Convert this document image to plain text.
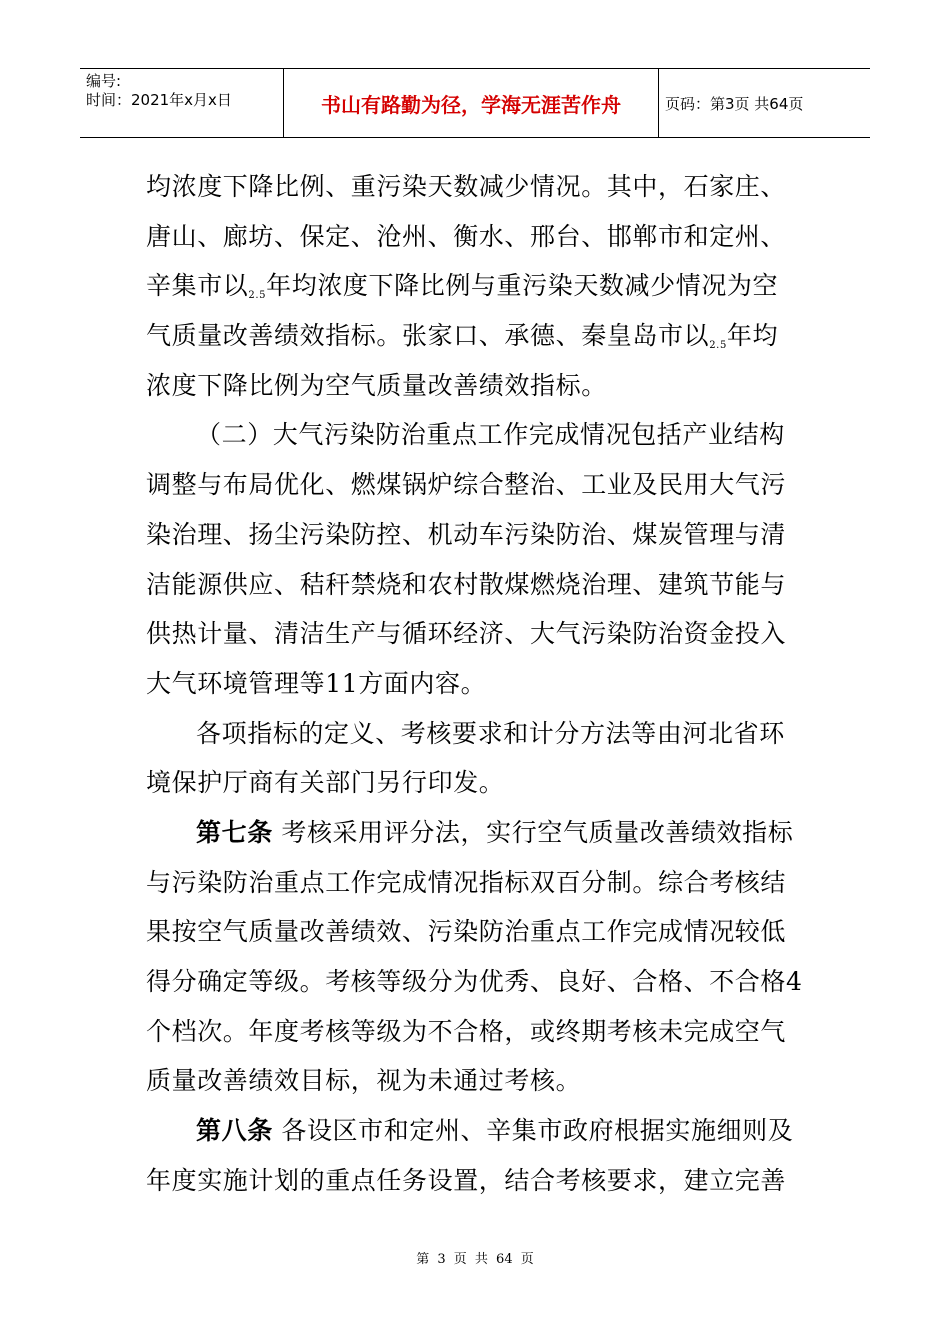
编号:
时间：2021年x月x日	书山有路勤为径，学海无涯苦作舟	页码：第3页 共64页
均浓度下降比例、重污染天数减少情况。其中，石家庄、
唐山、廊坊、保定、沧州、衡水、邢台、邯郸市和定州、
辛集市以2.5年均浓度下降比例与重污染天数减少情况为空
气质量改善绩效指标。张家口、承德、秦皇岛市以2.5年均
浓度下降比例为空气质量改善绩效指标。
（二）大气污染防治重点工作完成情况包括产业结构
调整与布局优化、燃煤锅炉综合整治、工业及民用大气污
染治理、扬尘污染防控、机动车污染防治、煤炭管理与清
洁能源供应、秸秆禁烧和农村散煤燃烧治理、建筑节能与
供热计量、清洁生产与循环经济、大气污染防治资金投入
大气环境管理等11方面内容。
各项指标的定义、考核要求和计分方法等由河北省环
境保护厅商有关部门另行印发。
第七条 考核采用评分法，实行空气质量改善绩效指标
与污染防治重点工作完成情况指标双百分制。综合考核结
果按空气质量改善绩效、污染防治重点工作完成情况较低
得分确定等级。考核等级分为优秀、良好、合格、不合格4
个档次。年度考核等级为不合格，或终期考核未完成空气
质量改善绩效目标，视为未通过考核。
第八条 各设区市和定州、辛集市政府根据实施细则及
年度实施计划的重点任务设置，结合考核要求，建立完善
第 3 页 共 64 页
